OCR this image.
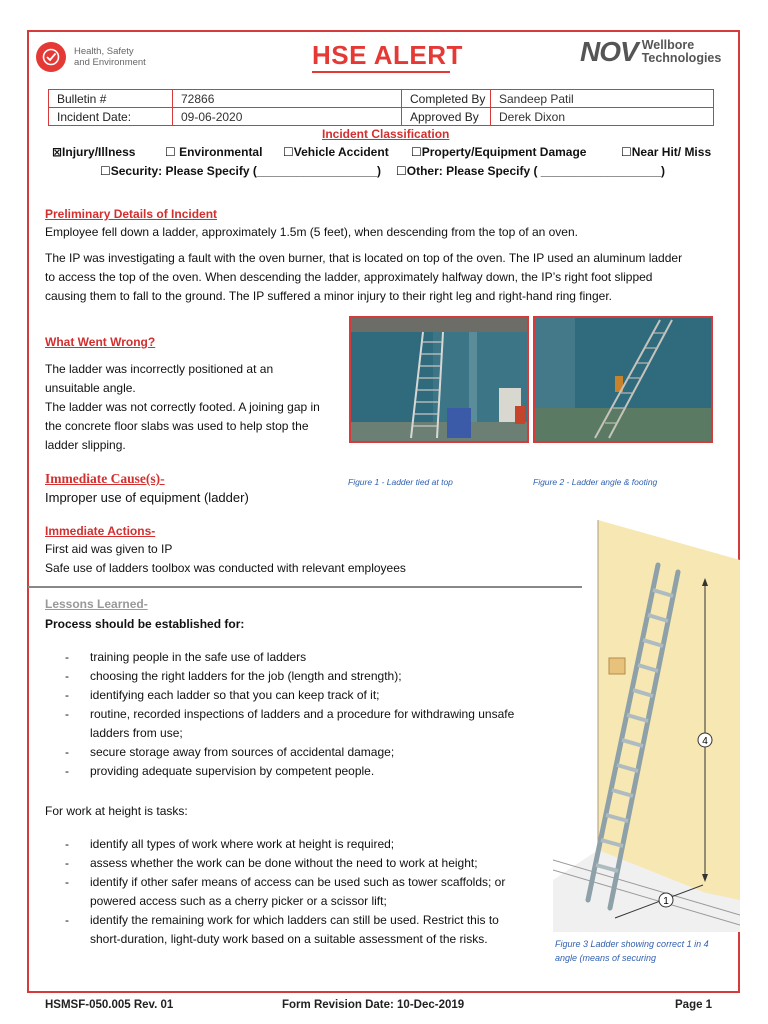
Health, Safety
and Environment	HSE ALERT	NOV Wellbore
Technologies
Bulletin #	72866	Completed By	Sandeep Patil
Incident Date:	09-06-2020	Approved By	Derek Dixon
Incident Classification
⊠Injury/Illness	☐ Environmental	☐Vehicle Accident	☐Property/Equipment Damage	☐Near Hit/ Miss
☐Security: Please Specify (__________________)	☐Other: Please Specify ( __________________)
Preliminary Details of Incident
Employee fell down a ladder, approximately 1.5m (5 feet), when descending from the top of an oven.
The IP was investigating a fault with the oven burner, that is located on top of the oven. The IP used an aluminum ladder
to access the top of the oven. When descending the ladder, approximately halfway down, the IP’s right foot slipped
causing them to fall to the ground. The IP suffered a minor injury to their right leg and right-hand ring finger.
What Went Wrong?
The ladder was incorrectly positioned at an
unsuitable angle.
The ladder was not correctly footed. A joining gap in
the concrete floor slabs was used to help stop the
ladder slipping.
Figure 1 - Ladder tied at top	Figure 2 - Ladder angle & footing
Immediate Cause(s)-
Improper use of equipment (ladder)
Immediate Actions-
First aid was given to IP
Safe use of ladders toolbox was conducted with relevant employees
4
1
Figure 3 Ladder showing correct 1 in 4
angle (means of securing
Lessons Learned-
Process should be established for:
- training people in the safe use of ladders
- choosing the right ladders for the job (length and strength);
- identifying each ladder so that you can keep track of it;
- routine, recorded inspections of ladders and a procedure for withdrawing unsafe
ladders from use;
- secure storage away from sources of accidental damage;
- providing adequate supervision by competent people.
For work at height is tasks:
- identify all types of work where work at height is required;
- assess whether the work can be done without the need to work at height;
- identify if other safer means of access can be used such as tower scaffolds; or
powered access such as a cherry picker or a scissor lift;
- identify the remaining work for which ladders can still be used. Restrict this to
short-duration, light-duty work based on a suitable assessment of the risks.
HSMSF-050.005 Rev. 01	Form Revision Date: 10-Dec-2019	Page 1
